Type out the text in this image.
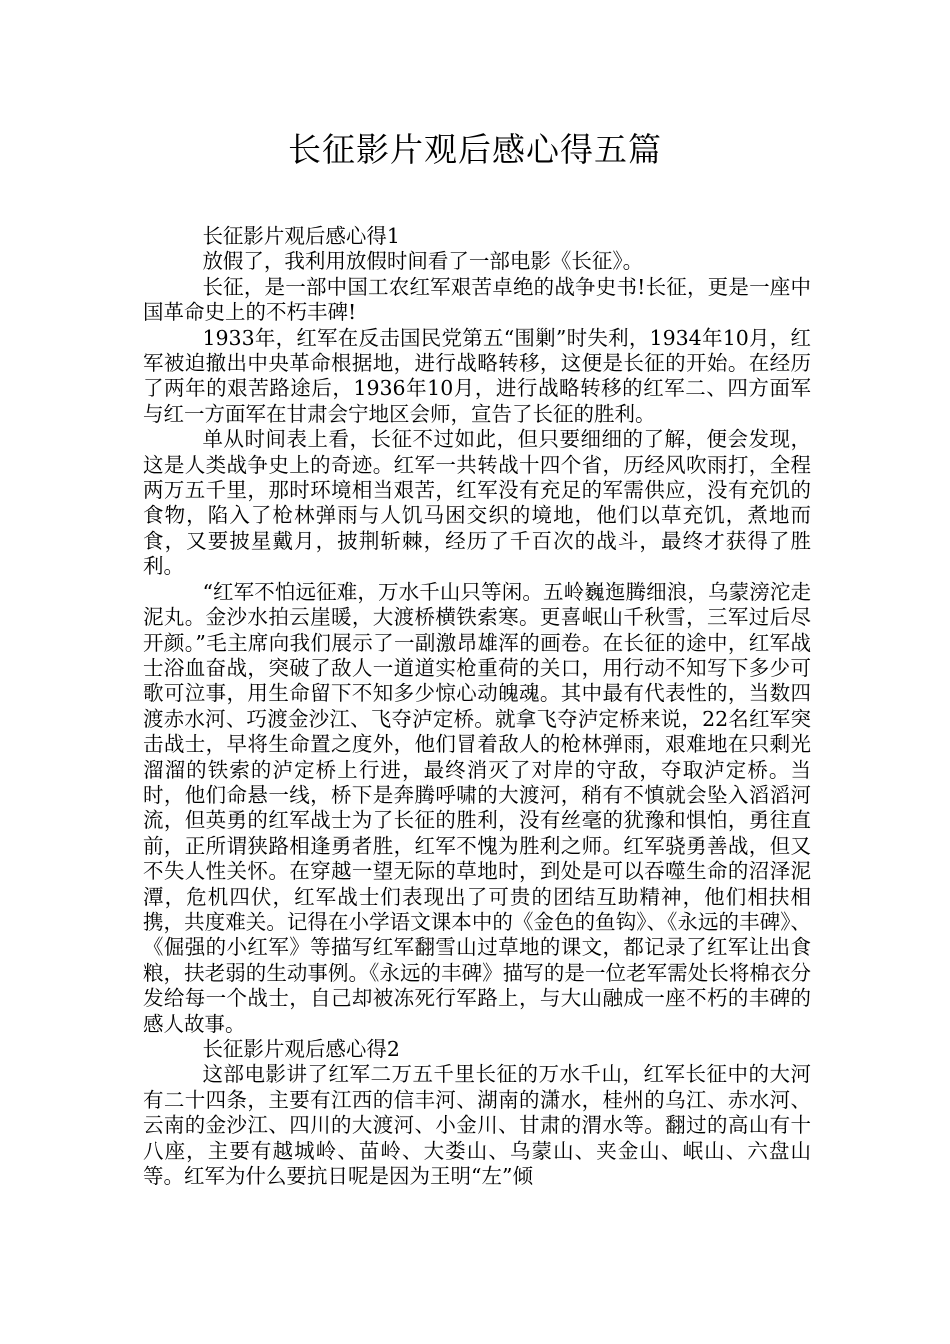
长征影片观后感心得五篇

长征影片观后感心得1

放假了，我利用放假时间看了一部电影《长征》。

长征，是一部中国工农红军艰苦卓绝的战争史书!长征，更是一座中国革命史上的不朽丰碑!

1933年，红军在反击国民党第五“围剿”时失利，1934年10月，红军被迫撤出中央革命根据地，进行战略转移，这便是长征的开始。在经历了两年的艰苦路途后，1936年10月，进行战略转移的红军二、四方面军与红一方面军在甘肃会宁地区会师，宣告了长征的胜利。

单从时间表上看，长征不过如此，但只要细细的了解，便会发现，这是人类战争史上的奇迹。红军一共转战十四个省，历经风吹雨打，全程两万五千里，那时环境相当艰苦，红军没有充足的军需供应，没有充饥的食物，陷入了枪林弹雨与人饥马困交织的境地，他们以草充饥，煮地而食，又要披星戴月，披荆斩棘，经历了千百次的战斗，最终才获得了胜利。

“红军不怕远征难，万水千山只等闲。五岭巍迤腾细浪，乌蒙滂沱走泥丸。金沙水拍云崖暖，大渡桥横铁索寒。更喜岷山千秋雪，三军过后尽开颜。”毛主席向我们展示了一副激昂雄浑的画卷。在长征的途中，红军战士浴血奋战，突破了敌人一道道实枪重荷的关口，用行动不知写下多少可歌可泣事，用生命留下不知多少惊心动魄魂。其中最有代表性的，当数四渡赤水河、巧渡金沙江、飞夺泸定桥。就拿飞夺泸定桥来说，22名红军突击战士，早将生命置之度外，他们冒着敌人的枪林弹雨，艰难地在只剩光溜溜的铁索的泸定桥上行进，最终消灭了对岸的守敌，夺取泸定桥。当时，他们命悬一线，桥下是奔腾呼啸的大渡河，稍有不慎就会坠入滔滔河流，但英勇的红军战士为了长征的胜利，没有丝毫的犹豫和惧怕，勇往直前，正所谓狭路相逢勇者胜，红军不愧为胜利之师。红军骁勇善战，但又不失人性关怀。在穿越一望无际的草地时，到处是可以吞噬生命的沼泽泥潭，危机四伏，红军战士们表现出了可贵的团结互助精神，他们相扶相携，共度难关。记得在小学语文课本中的《金色的鱼钩》、《永远的丰碑》、《倔强的小红军》等描写红军翻雪山过草地的课文，都记录了红军让出食粮，扶老弱的生动事例。《永远的丰碑》描写的是一位老军需处长将棉衣分发给每一个战士，自己却被冻死行军路上，与大山融成一座不朽的丰碑的感人故事。

长征影片观后感心得2

这部电影讲了红军二万五千里长征的万水千山，红军长征中的大河有二十四条，主要有江西的信丰河、湖南的潇水，桂州的乌江、赤水河、云南的金沙江、四川的大渡河、小金川、甘肃的渭水等。翻过的高山有十八座，主要有越城岭、苗岭、大娄山、乌蒙山、夹金山、岷山、六盘山等。红军为什么要抗日呢是因为王明“左”倾
